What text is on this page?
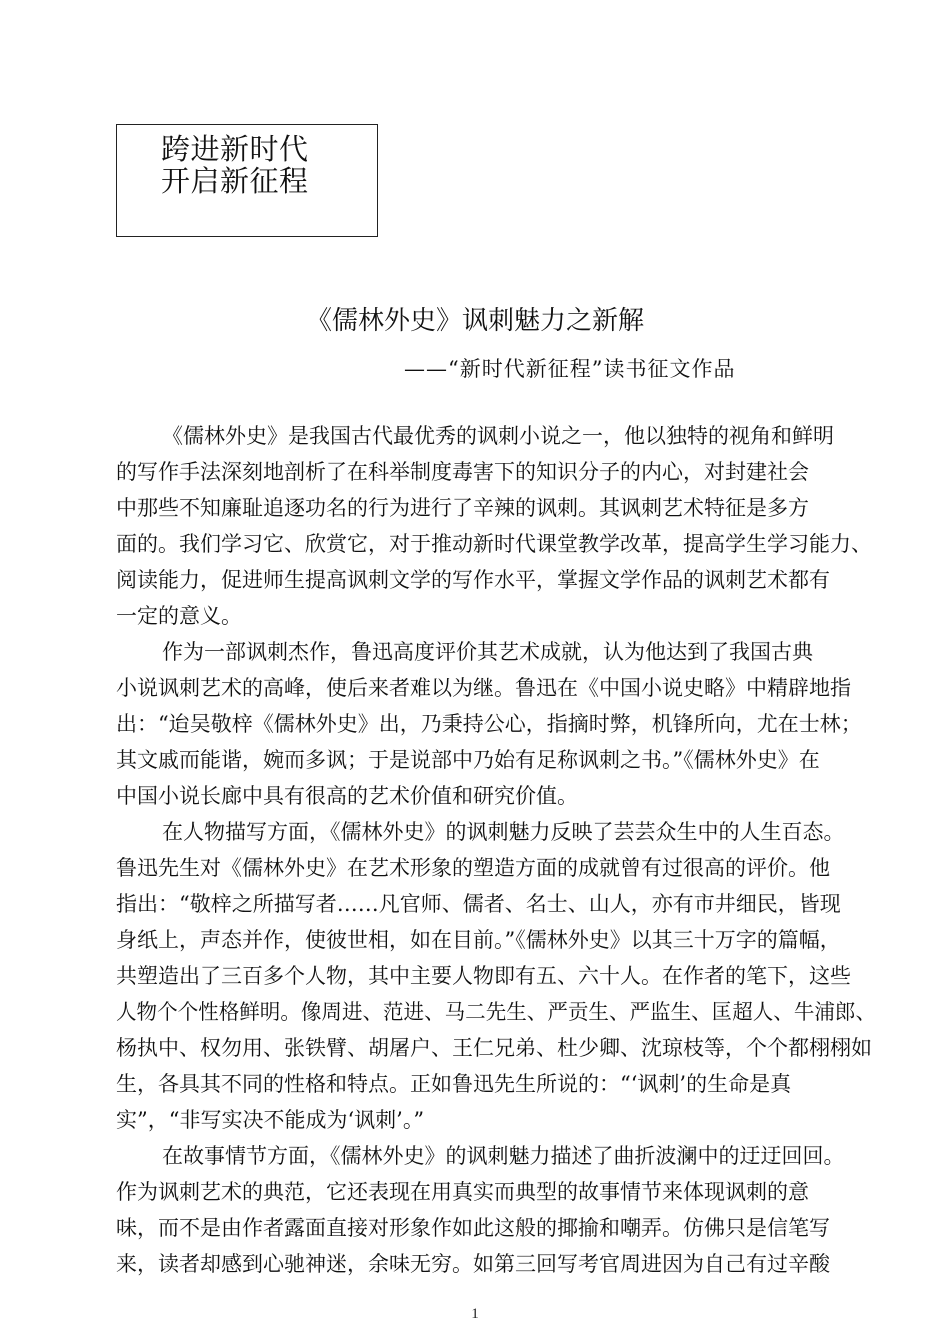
跨进新时代
开启新征程
《儒林外史》讽刺魅力之新解
——“新时代新征程”读书征文作品
《儒林外史》是我国古代最优秀的讽刺小说之一，他以独特的视角和鲜明
的写作手法深刻地剖析了在科举制度毒害下的知识分子的内心，对封建社会
中那些不知廉耻追逐功名的行为进行了辛辣的讽刺。其讽刺艺术特征是多方
面的。我们学习它、欣赏它，对于推动新时代课堂教学改革，提高学生学习能力、
阅读能力，促进师生提高讽刺文学的写作水平，掌握文学作品的讽刺艺术都有
一定的意义。
作为一部讽刺杰作，鲁迅高度评价其艺术成就，认为他达到了我国古典
小说讽刺艺术的高峰，使后来者难以为继。鲁迅在《中国小说史略》中精辟地指
出：“迨吴敬梓《儒林外史》出，乃秉持公心，指摘时弊，机锋所向，尤在士林；
其文戚而能谐，婉而多讽；于是说部中乃始有足称讽刺之书。”《儒林外史》在
中国小说长廊中具有很高的艺术价值和研究价值。
在人物描写方面，《儒林外史》的讽刺魅力反映了芸芸众生中的人生百态。
鲁迅先生对《儒林外史》在艺术形象的塑造方面的成就曾有过很高的评价。他
指出：“敬梓之所描写者……凡官师、儒者、名士、山人，亦有市井细民，皆现
身纸上，声态并作，使彼世相，如在目前。”《儒林外史》以其三十万字的篇幅，
共塑造出了三百多个人物，其中主要人物即有五、六十人。在作者的笔下，这些
人物个个性格鲜明。像周进、范进、马二先生、严贡生、严监生、匡超人、牛浦郎、
杨执中、权勿用、张铁臂、胡屠户、王仁兄弟、杜少卿、沈琼枝等，个个都栩栩如
生，各具其不同的性格和特点。正如鲁迅先生所说的：“‘讽刺’的生命是真
实”，“非写实决不能成为‘讽刺’。”
在故事情节方面，《儒林外史》的讽刺魅力描述了曲折波澜中的迂迂回回。
作为讽刺艺术的典范，它还表现在用真实而典型的故事情节来体现讽刺的意
味，而不是由作者露面直接对形象作如此这般的揶揄和嘲弄。仿佛只是信笔写
来，读者却感到心驰神迷，余味无穷。如第三回写考官周进因为自己有过辛酸
1
